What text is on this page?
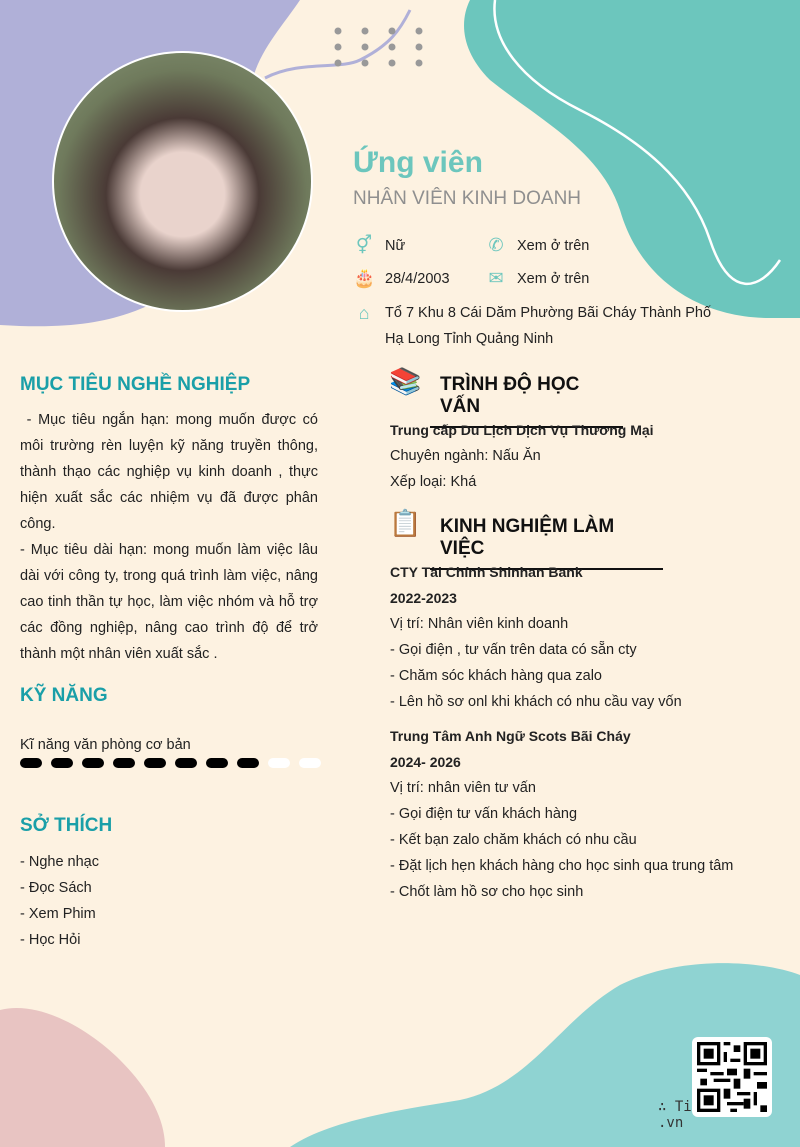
Ứng viên
NHÂN VIÊN KINH DOANH
⚥ Nữ	✆ Xem ở trên
🎂 28/4/2003 ✉ Xem ở trên
⌂	Tổ 7 Khu 8 Cái Dăm Phường Bãi Cháy Thành Phố
Hạ Long Tỉnh Quảng Ninh
MỤC TIÊU NGHỀ NGHIỆP
- Mục tiêu ngắn hạn: mong muốn được có môi trường rèn luyện kỹ năng truyền thông, thành thạo các nghiệp vụ kinh doanh , thực hiện xuất sắc các nhiệm vụ đã được phân công.
- Mục tiêu dài hạn: mong muốn làm việc lâu dài với công ty, trong quá trình làm việc, nâng cao tinh thần tự học, làm việc nhóm và hỗ trợ các đồng nghiệp, nâng cao trình độ để trở thành một nhân viên xuất sắc .
KỸ NĂNG
Kĩ năng văn phòng cơ bản
SỞ THÍCH
- Nghe nhạc
- Đọc Sách
- Xem Phim
- Học Hỏi
📚 TRÌNH ĐỘ HỌC VẤN
Trung cấp Du Lịch Dịch Vụ Thương Mại
Chuyên ngành: Nấu Ăn
Xếp loại: Khá
📋 KINH NGHIỆM LÀM VIỆC
CTY Tài Chính Shinhan Bank
2022-2023
Vị trí: Nhân viên kinh doanh
- Gọi điện , tư vấn trên data có sẵn cty
- Chăm sóc khách hàng qua zalo
- Lên hồ sơ onl khi khách có nhu cầu vay vốn
Trung Tâm Anh Ngữ Scots Bãi Cháy
2024- 2026
Vị trí: nhân viên tư vấn
- Gọi điện tư vấn khách hàng
- Kết bạn zalo chăm khách có nhu cầu
- Đặt lịch hẹn khách hàng cho học sinh qua trung tâm
- Chốt làm hồ sơ cho học sinh
∴ Ti.vn
